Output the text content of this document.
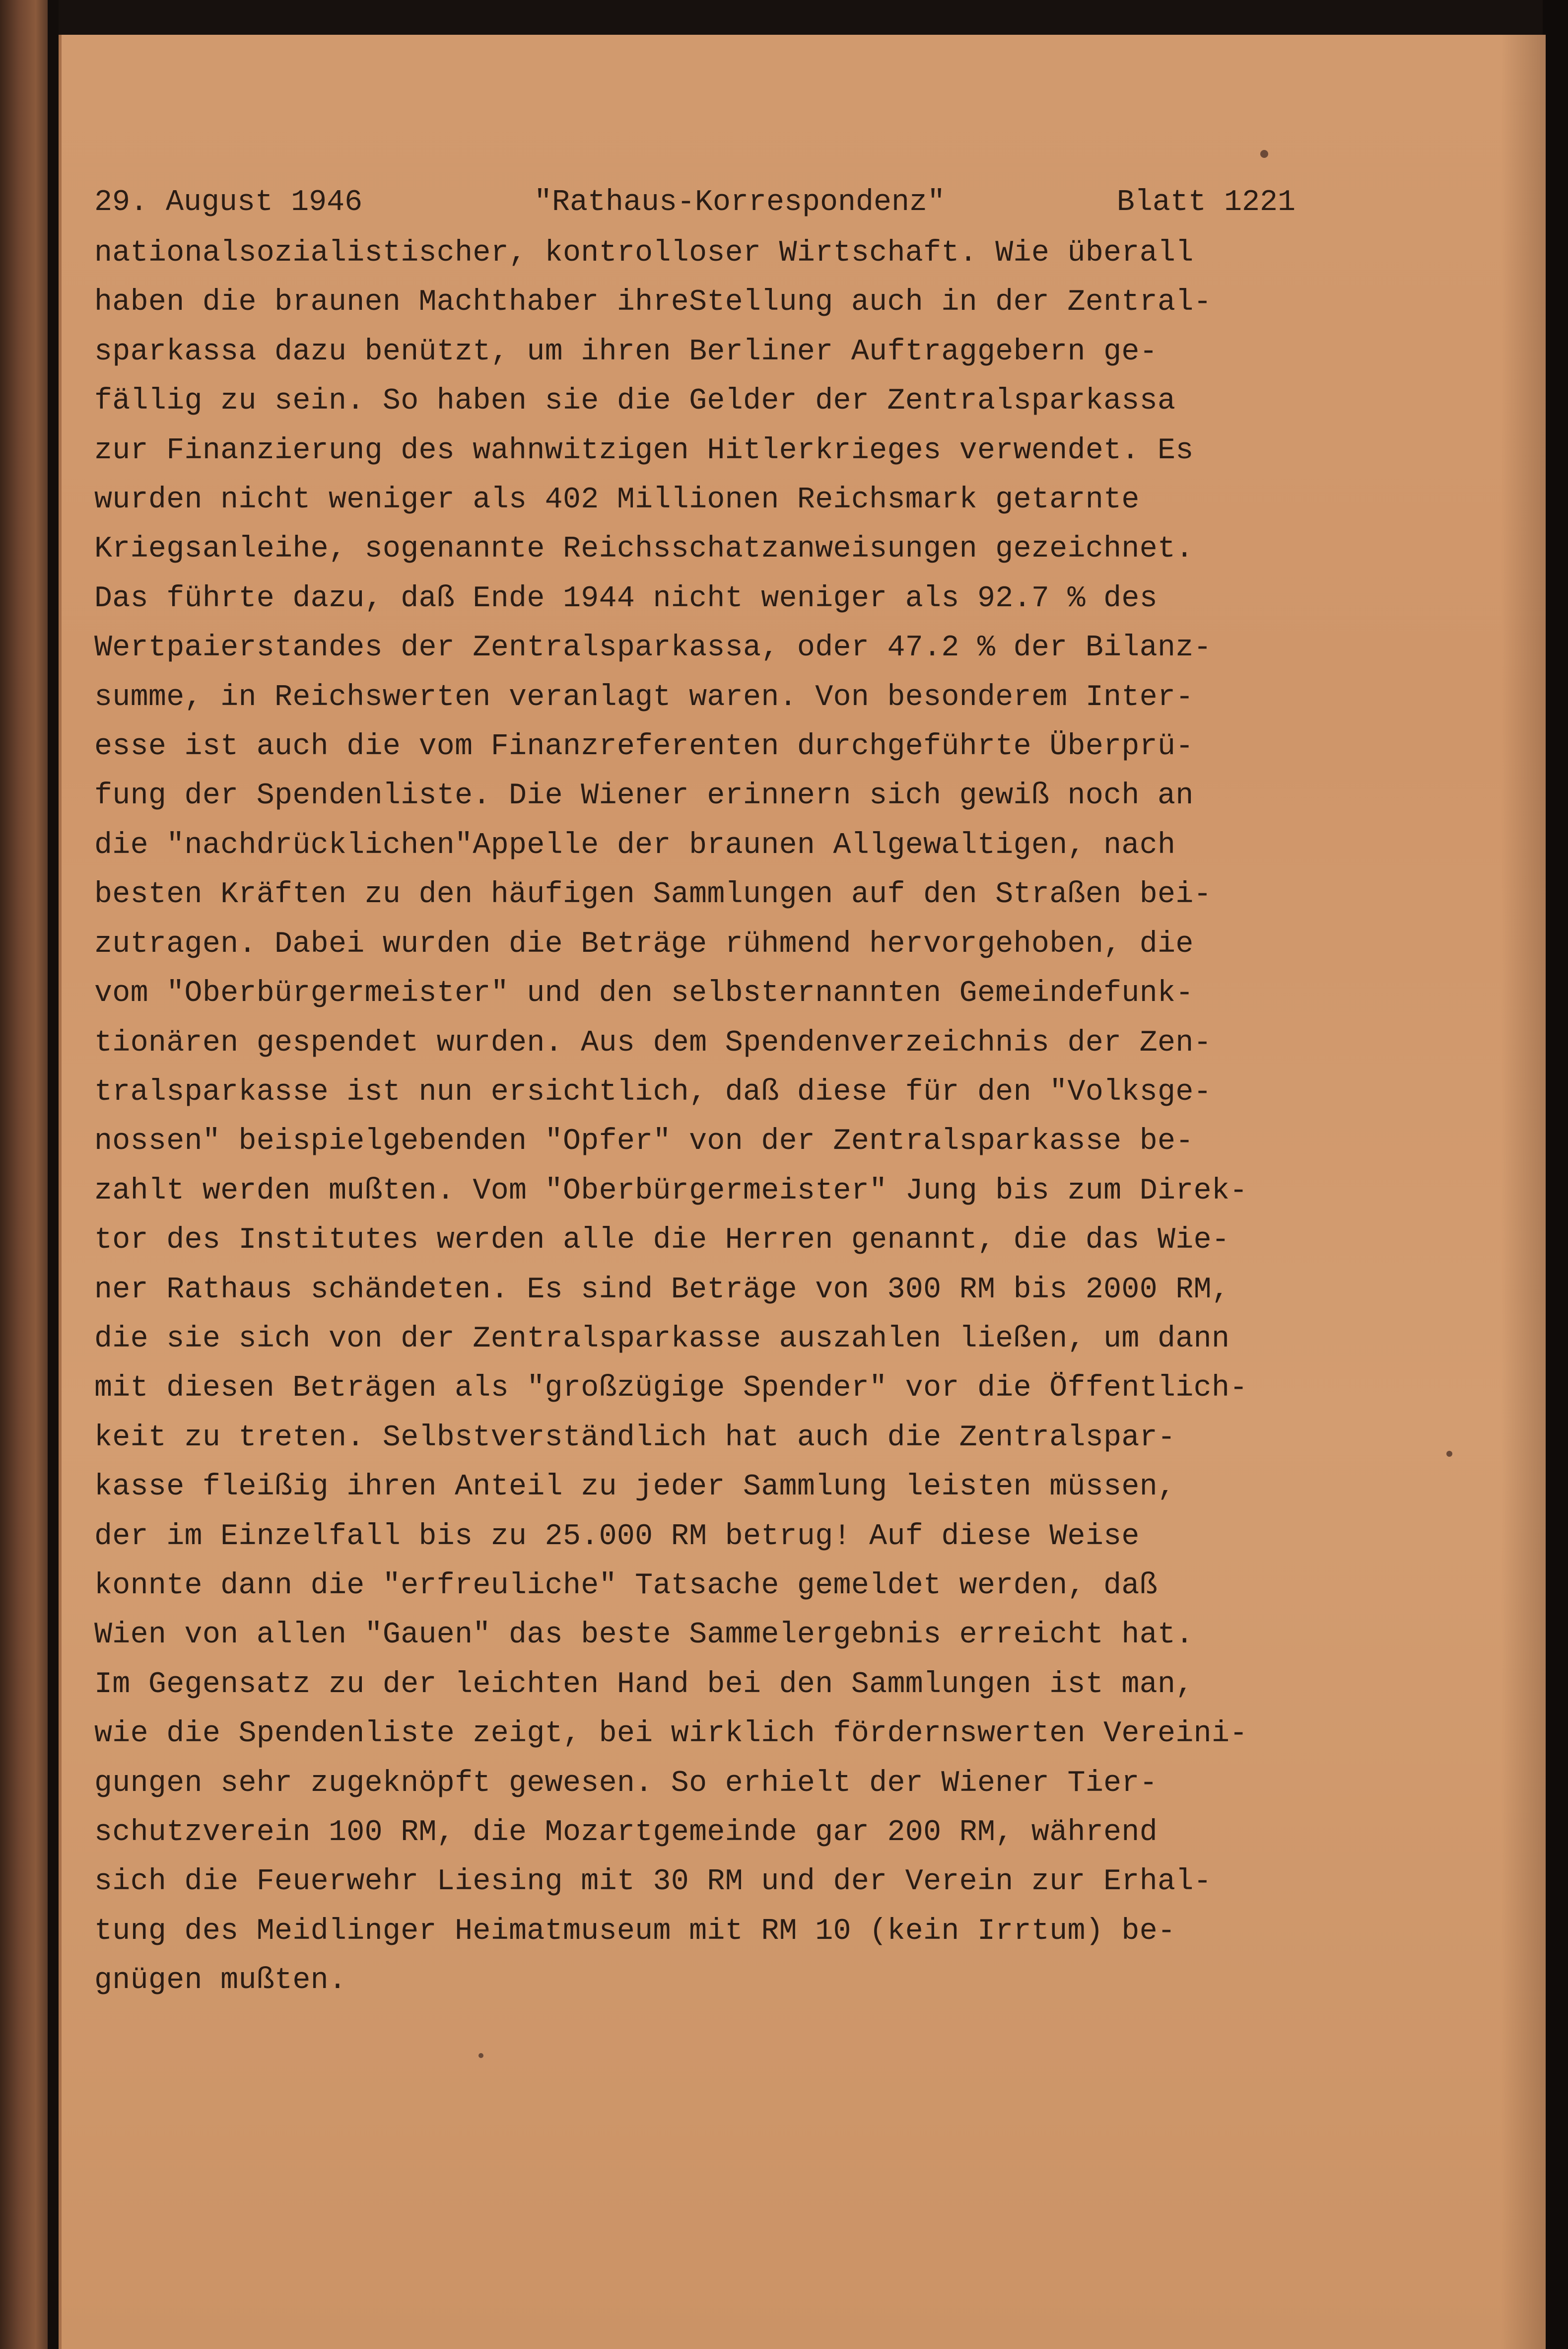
29. August 1946	"Rathaus-Korrespondenz"	Blatt 1221
nationalsozialistischer, kontrolloser Wirtschaft. Wie überall
haben die braunen Machthaber ihreStellung auch in der Zentral-
sparkassa dazu benützt, um ihren Berliner Auftraggebern ge-
fällig zu sein. So haben sie die Gelder der Zentralsparkassa
zur Finanzierung des wahnwitzigen Hitlerkrieges verwendet. Es
wurden nicht weniger als 402 Millionen Reichsmark getarnte
Kriegsanleihe, sogenannte Reichsschatzanweisungen gezeichnet.
Das führte dazu, daß Ende 1944 nicht weniger als 92.7 % des
Wertpaierstandes der Zentralsparkassa, oder 47.2 % der Bilanz-
summe, in Reichswerten veranlagt waren. Von besonderem Inter-
esse ist auch die vom Finanzreferenten durchgeführte Überprü-
fung der Spendenliste. Die Wiener erinnern sich gewiß noch an
die "nachdrücklichen"Appelle der braunen Allgewaltigen, nach
besten Kräften zu den häufigen Sammlungen auf den Straßen bei-
zutragen. Dabei wurden die Beträge rühmend hervorgehoben, die
vom "Oberbürgermeister" und den selbsternannten Gemeindefunk-
tionären gespendet wurden. Aus dem Spendenverzeichnis der Zen-
tralsparkasse ist nun ersichtlich, daß diese für den "Volksge-
nossen" beispielgebenden "Opfer" von der Zentralsparkasse be-
zahlt werden mußten. Vom "Oberbürgermeister" Jung bis zum Direk-
tor des Institutes werden alle die Herren genannt, die das Wie-
ner Rathaus schändeten. Es sind Beträge von 300 RM bis 2000 RM,
die sie sich von der Zentralsparkasse auszahlen ließen, um dann
mit diesen Beträgen als "großzügige Spender" vor die Öffentlich-
keit zu treten. Selbstverständlich hat auch die Zentralspar-
kasse fleißig ihren Anteil zu jeder Sammlung leisten müssen,
der im Einzelfall bis zu 25.000 RM betrug! Auf diese Weise
konnte dann die "erfreuliche" Tatsache gemeldet werden, daß
Wien von allen "Gauen" das beste Sammelergebnis erreicht hat.
Im Gegensatz zu der leichten Hand bei den Sammlungen ist man,
wie die Spendenliste zeigt, bei wirklich fördernswerten Vereini-
gungen sehr zugeknöpft gewesen. So erhielt der Wiener Tier-
schutzverein 100 RM, die Mozartgemeinde gar 200 RM, während
sich die Feuerwehr Liesing mit 30 RM und der Verein zur Erhal-
tung des Meidlinger Heimatmuseum mit RM 10 (kein Irrtum) be-
gnügen mußten.
